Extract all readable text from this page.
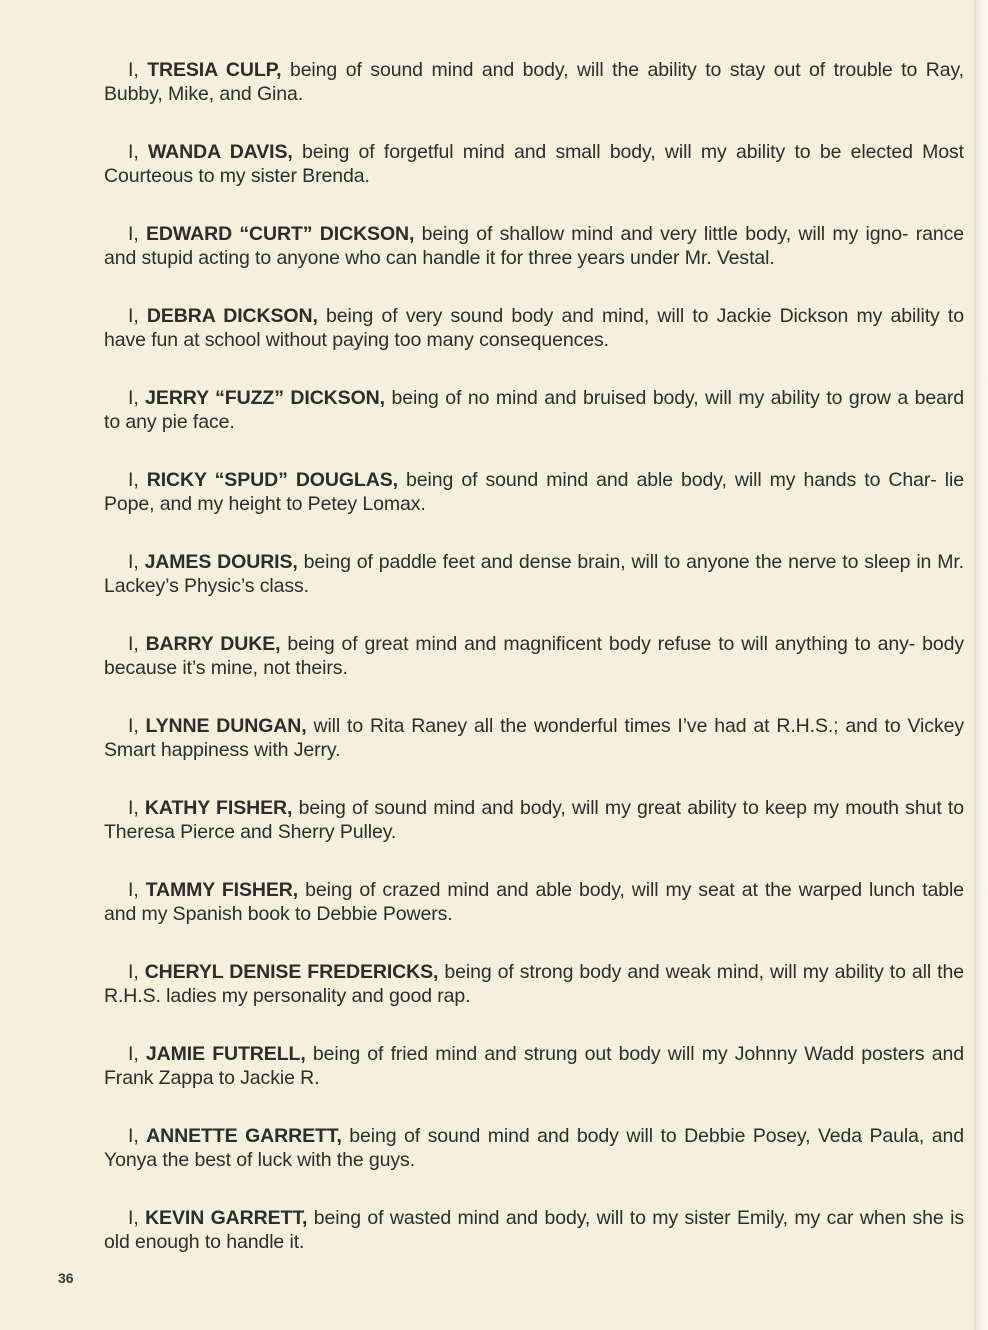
I, TRESIA CULP, being of sound mind and body, will the ability to stay out of trouble to Ray, Bubby, Mike, and Gina.

I, WANDA DAVIS, being of forgetful mind and small body, will my ability to be elected Most Courteous to my sister Brenda.

I, EDWARD “CURT” DICKSON, being of shallow mind and very little body, will my igno- rance and stupid acting to anyone who can handle it for three years under Mr. Vestal.

I, DEBRA DICKSON, being of very sound body and mind, will to Jackie Dickson my ability to have fun at school without paying too many consequences.

I, JERRY “FUZZ” DICKSON, being of no mind and bruised body, will my ability to grow a beard to any pie face.

I, RICKY “SPUD” DOUGLAS, being of sound mind and able body, will my hands to Char- lie Pope, and my height to Petey Lomax.

I, JAMES DOURIS, being of paddle feet and dense brain, will to anyone the nerve to sleep in Mr. Lackey’s Physic’s class.

I, BARRY DUKE, being of great mind and magnificent body refuse to will anything to any- body because it’s mine, not theirs.

I, LYNNE DUNGAN, will to Rita Raney all the wonderful times I’ve had at R.H.S.; and to Vickey Smart happiness with Jerry.

I, KATHY FISHER, being of sound mind and body, will my great ability to keep my mouth shut to Theresa Pierce and Sherry Pulley.

I, TAMMY FISHER, being of crazed mind and able body, will my seat at the warped lunch table and my Spanish book to Debbie Powers.

I, CHERYL DENISE FREDERICKS, being of strong body and weak mind, will my ability to all the R.H.S. ladies my personality and good rap.

I, JAMIE FUTRELL, being of fried mind and strung out body will my Johnny Wadd posters and Frank Zappa to Jackie R.

I, ANNETTE GARRETT, being of sound mind and body will to Debbie Posey, Veda Paula, and Yonya the best of luck with the guys.

I, KEVIN GARRETT, being of wasted mind and body, will to my sister Emily, my car when she is old enough to handle it.

36
